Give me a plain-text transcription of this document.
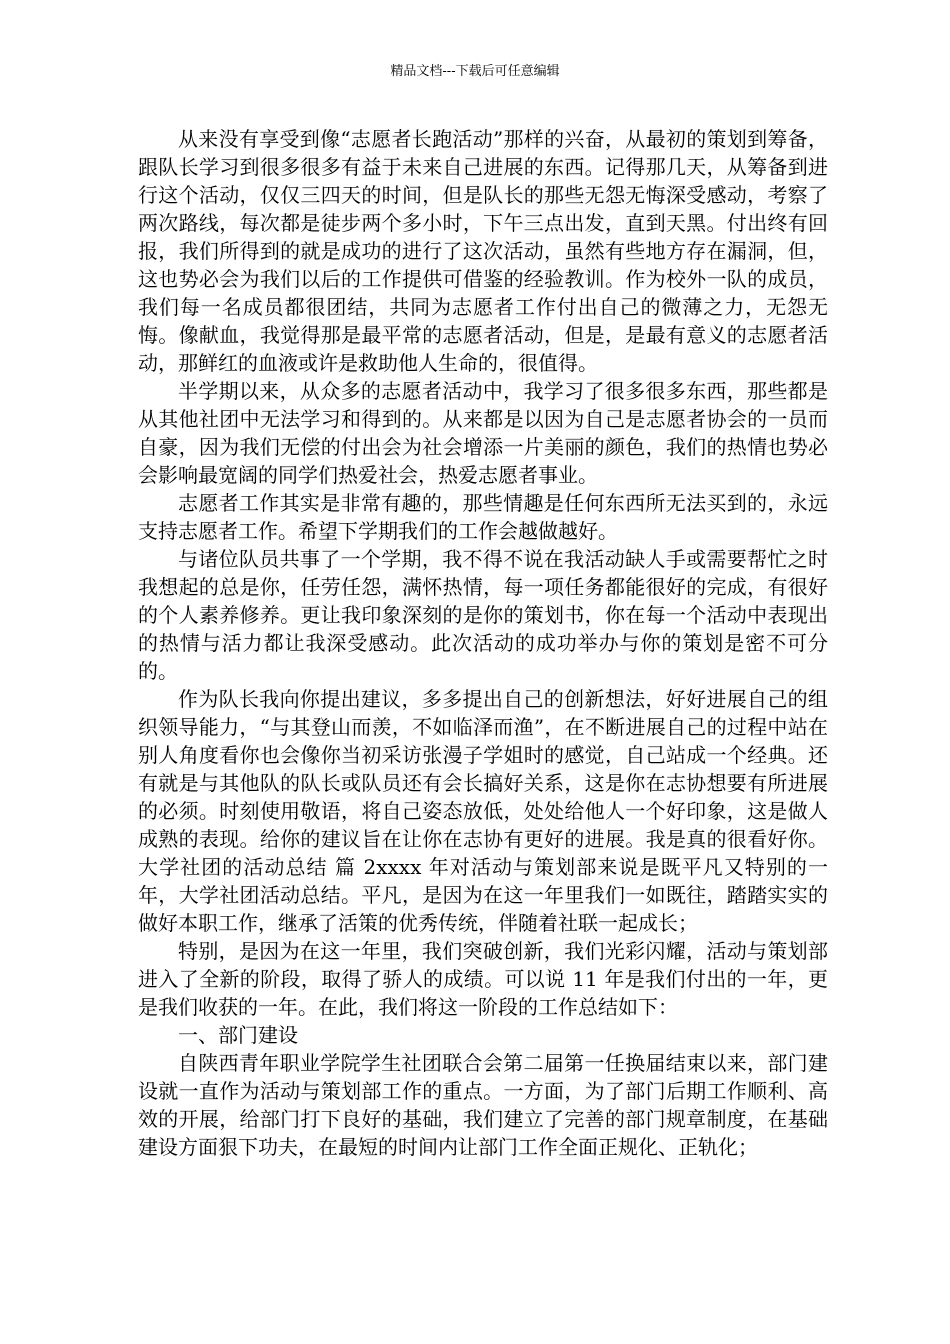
精品文档---下载后可任意编辑

从来没有享受到像“志愿者长跑活动”那样的兴奋，从最初的策划到筹备，跟队长学习到很多很多有益于未来自己进展的东西。记得那几天，从筹备到进行这个活动，仅仅三四天的时间，但是队长的那些无怨无悔深受感动，考察了两次路线，每次都是徒步两个多小时，下午三点出发，直到天黑。付出终有回报，我们所得到的就是成功的进行了这次活动，虽然有些地方存在漏洞，但，这也势必会为我们以后的工作提供可借鉴的经验教训。作为校外一队的成员，我们每一名成员都很团结，共同为志愿者工作付出自己的微薄之力，无怨无悔。像献血，我觉得那是最平常的志愿者活动，但是，是最有意义的志愿者活动，那鲜红的血液或许是救助他人生命的，很值得。

半学期以来，从众多的志愿者活动中，我学习了很多很多东西，那些都是从其他社团中无法学习和得到的。从来都是以因为自己是志愿者协会的一员而自豪，因为我们无偿的付出会为社会增添一片美丽的颜色，我们的热情也势必会影响最宽阔的同学们热爱社会，热爱志愿者事业。

志愿者工作其实是非常有趣的，那些情趣是任何东西所无法买到的，永远支持志愿者工作。希望下学期我们的工作会越做越好。

与诸位队员共事了一个学期，我不得不说在我活动缺人手或需要帮忙之时我想起的总是你，任劳任怨，满怀热情，每一项任务都能很好的完成，有很好的个人素养修养。更让我印象深刻的是你的策划书，你在每一个活动中表现出的热情与活力都让我深受感动。此次活动的成功举办与你的策划是密不可分的。

作为队长我向你提出建议，多多提出自己的创新想法，好好进展自己的组织领导能力，“与其登山而羡，不如临泽而渔”，在不断进展自己的过程中站在别人角度看你也会像你当初采访张漫子学姐时的感觉，自己站成一个经典。还有就是与其他队的队长或队员还有会长搞好关系，这是你在志协想要有所进展的必须。时刻使用敬语，将自己姿态放低，处处给他人一个好印象，这是做人成熟的表现。给你的建议旨在让你在志协有更好的进展。我是真的很看好你。大学社团的活动总结 篇 2xxxx 年对活动与策划部来说是既平凡又特别的一年，大学社团活动总结。平凡，是因为在这一年里我们一如既往，踏踏实实的做好本职工作，继承了活策的优秀传统，伴随着社联一起成长；

特别，是因为在这一年里，我们突破创新，我们光彩闪耀，活动与策划部进入了全新的阶段，取得了骄人的成绩。可以说 11 年是我们付出的一年，更是我们收获的一年。在此，我们将这一阶段的工作总结如下：

一、部门建设

自陕西青年职业学院学生社团联合会第二届第一任换届结束以来，部门建设就一直作为活动与策划部工作的重点。一方面，为了部门后期工作顺利、高效的开展，给部门打下良好的基础，我们建立了完善的部门规章制度，在基础建设方面狠下功夫，在最短的时间内让部门工作全面正规化、正轨化；
